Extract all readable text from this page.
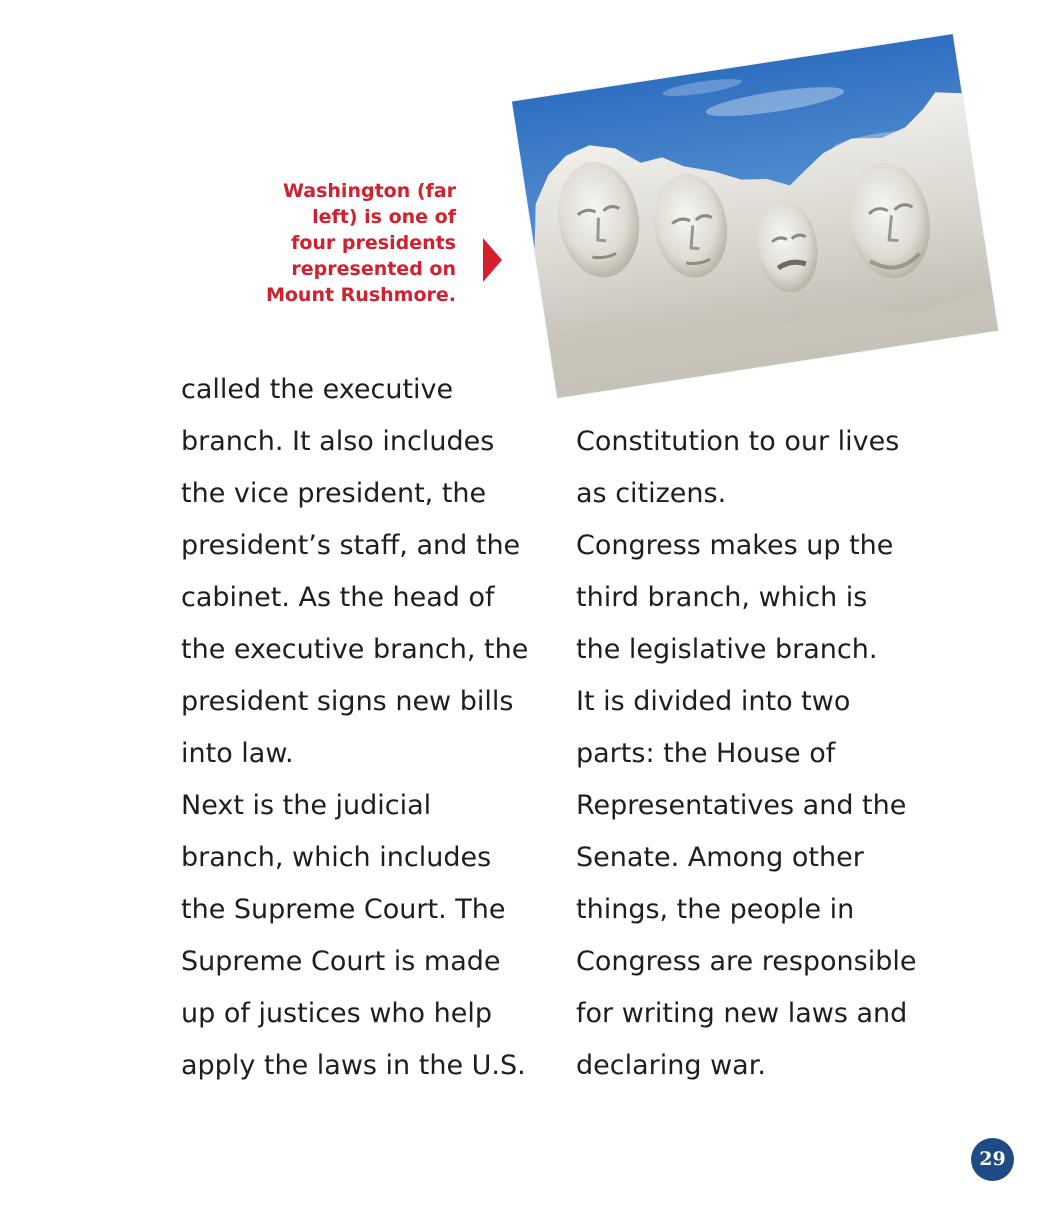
Washington (far
left) is one of
four presidents
represented on
Mount Rushmore.
called the executive
branch. It also includes
the vice president, the
president’s staff, and the
cabinet. As the head of
the executive branch, the
president signs new bills
into law.
Next is the judicial
branch, which includes
the Supreme Court. The
Supreme Court is made
up of justices who help
apply the laws in the U.S.
Constitution to our lives
as citizens.
Congress makes up the
third branch, which is
the legislative branch.
It is divided into two
parts: the House of
Representatives and the
Senate. Among other
things, the people in
Congress are responsible
for writing new laws and
declaring war.
29
